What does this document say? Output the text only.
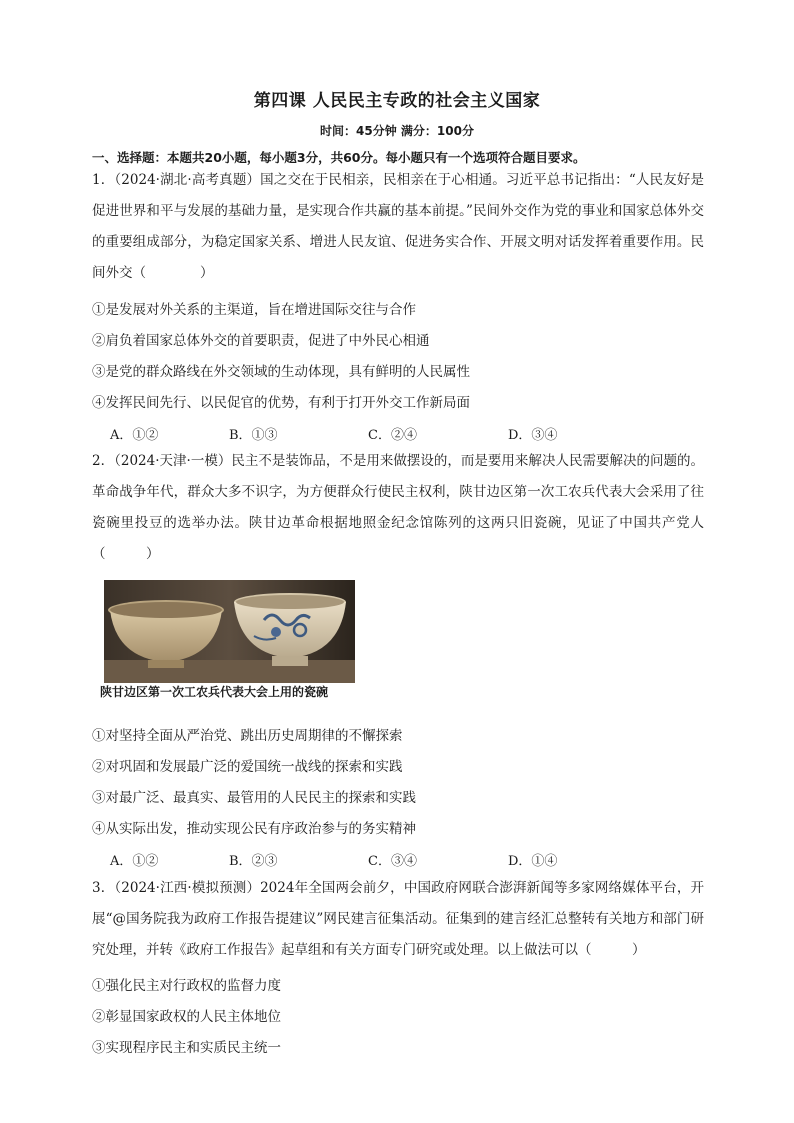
第四课 人民民主专政的社会主义国家
时间：45分钟 满分：100分
一、选择题：本题共20小题，每小题3分，共60分。每小题只有一个选项符合题目要求。
1．（2024·湖北·高考真题）国之交在于民相亲，民相亲在于心相通。习近平总书记指出：“人民友好是促进世界和平与发展的基础力量，是实现合作共赢的基本前提。”民间外交作为党的事业和国家总体外交的重要组成部分，为稳定国家关系、增进人民友谊、促进务实合作、开展文明对话发挥着重要作用。民间外交（　　　　）
①是发展对外关系的主渠道，旨在增进国际交往与合作
②肩负着国家总体外交的首要职责，促进了中外民心相通
③是党的群众路线在外交领域的生动体现，具有鲜明的人民属性
④发挥民间先行、以民促官的优势，有利于打开外交工作新局面
A．①②	B．①③	C．②④	D．③④
2．（2024·天津·一模）民主不是装饰品，不是用来做摆设的，而是要用来解决人民需要解决的问题的。革命战争年代，群众大多不识字，为方便群众行使民主权利，陕甘边区第一次工农兵代表大会采用了往瓷碗里投豆的选举办法。陕甘边革命根据地照金纪念馆陈列的这两只旧瓷碗，见证了中国共产党人（　　　）
陕甘边区第一次工农兵代表大会上用的瓷碗
①对坚持全面从严治党、跳出历史周期律的不懈探索
②对巩固和发展最广泛的爱国统一战线的探索和实践
③对最广泛、最真实、最管用的人民民主的探索和实践
④从实际出发，推动实现公民有序政治参与的务实精神
A．①②	B．②③	C．③④	D．①④
3．（2024·江西·模拟预测）2024年全国两会前夕，中国政府网联合澎湃新闻等多家网络媒体平台，开展“@国务院我为政府工作报告提建议”网民建言征集活动。征集到的建言经汇总整转有关地方和部门研究处理，并转《政府工作报告》起草组和有关方面专门研究或处理。以上做法可以（　　　）
①强化民主对行政权的监督力度
②彰显国家政权的人民主体地位
③实现程序民主和实质民主统一
